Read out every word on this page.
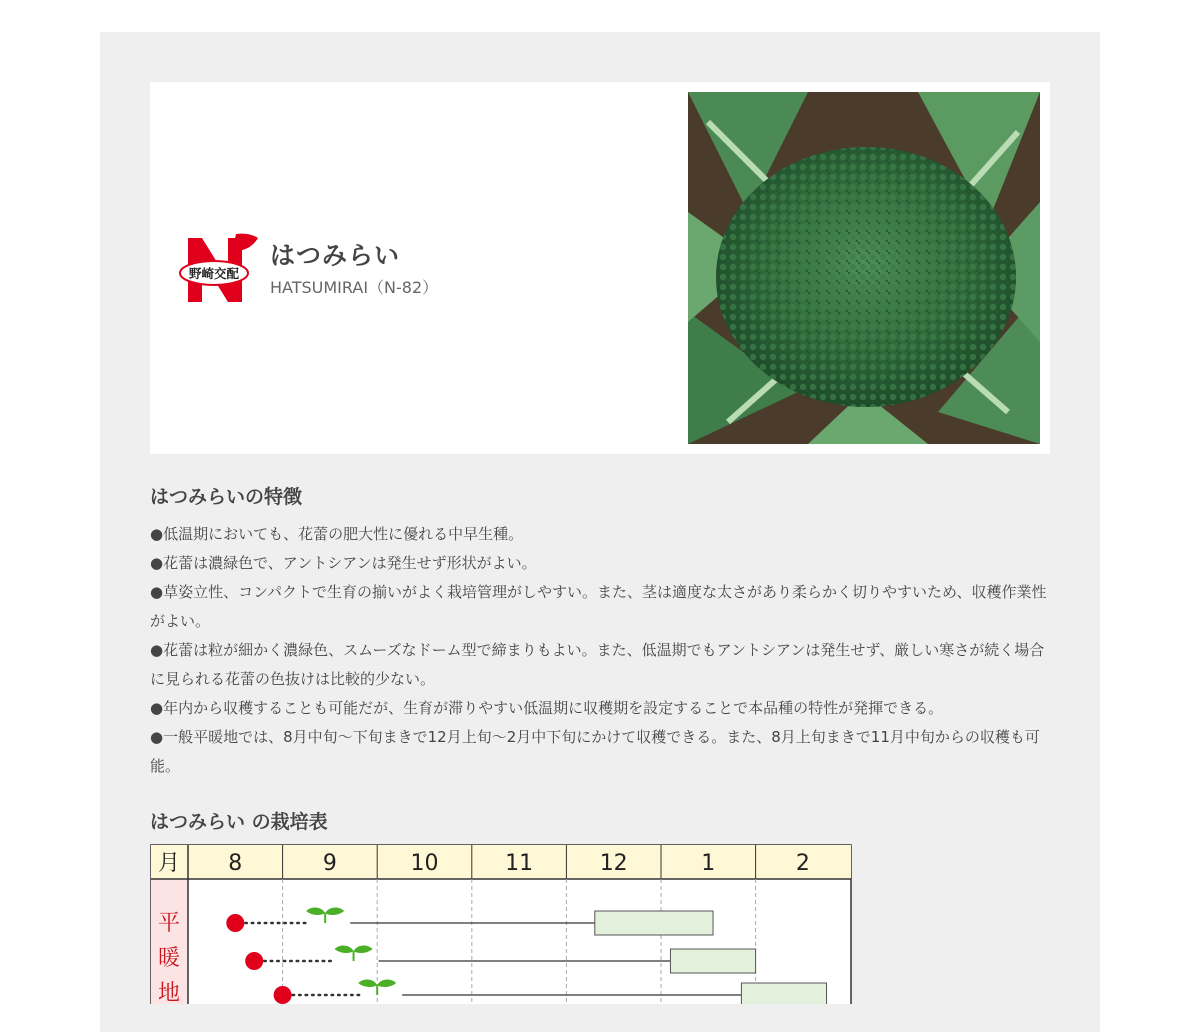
野崎交配
はつみらい
HATSUMIRAI（N-82）
はつみらいの特徴
●低温期においても、花蕾の肥大性に優れる中早生種。
●花蕾は濃緑色で、アントシアンは発生せず形状がよい。
●草姿立性、コンパクトで生育の揃いがよく栽培管理がしやすい。また、茎は適度な太さがあり柔らかく切りやすいため、収穫作業性がよい。
●花蕾は粒が細かく濃緑色、スムーズなドーム型で締まりもよい。また、低温期でもアントシアンは発生せず、厳しい寒さが続く場合に見られる花蕾の色抜けは比較的少ない。
●年内から収穫することも可能だが、生育が滞りやすい低温期に収穫期を設定することで本品種の特性が発揮できる。
●一般平暖地では、8月中旬〜下旬まきで12月上旬〜2月中下旬にかけて収穫できる。また、8月上旬まきで11月中旬からの収穫も可能。
はつみらい の栽培表
月 8	9	10	11	12	1	2
平暖地
